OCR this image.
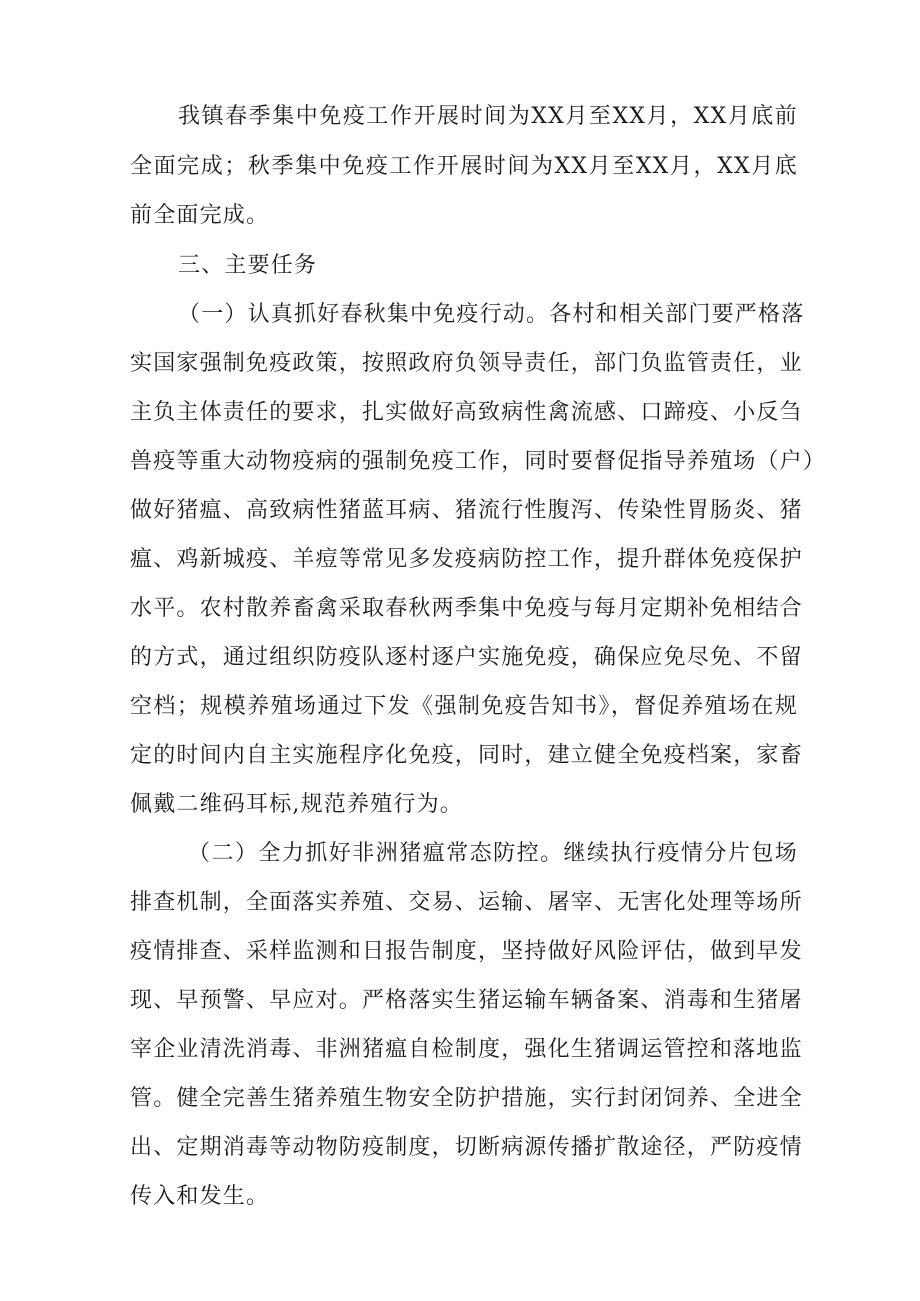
我镇春季集中免疫工作开展时间为XX月至XX月，XX月底前
全面完成；秋季集中免疫工作开展时间为XX月至XX月，XX月底
前全面完成。
三、主要任务
（一）认真抓好春秋集中免疫行动。各村和相关部门要严格落
实国家强制免疫政策，按照政府负领导责任，部门负监管责任，业
主负主体责任的要求，扎实做好高致病性禽流感、口蹄疫、小反刍
兽疫等重大动物疫病的强制免疫工作，同时要督促指导养殖场（户）
做好猪瘟、高致病性猪蓝耳病、猪流行性腹泻、传染性胃肠炎、猪
瘟、鸡新城疫、羊痘等常见多发疫病防控工作，提升群体免疫保护
水平。农村散养畜禽采取春秋两季集中免疫与每月定期补免相结合
的方式，通过组织防疫队逐村逐户实施免疫，确保应免尽免、不留
空档；规模养殖场通过下发《强制免疫告知书》，督促养殖场在规
定的时间内自主实施程序化免疫，同时，建立健全免疫档案，家畜
佩戴二维码耳标,规范养殖行为。
（二）全力抓好非洲猪瘟常态防控。继续执行疫情分片包场
排查机制，全面落实养殖、交易、运输、屠宰、无害化处理等场所
疫情排查、采样监测和日报告制度，坚持做好风险评估，做到早发
现、早预警、早应对。严格落实生猪运输车辆备案、消毒和生猪屠
宰企业清洗消毒、非洲猪瘟自检制度，强化生猪调运管控和落地监
管。健全完善生猪养殖生物安全防护措施，实行封闭饲养、全进全
出、定期消毒等动物防疫制度，切断病源传播扩散途径，严防疫情
传入和发生。
